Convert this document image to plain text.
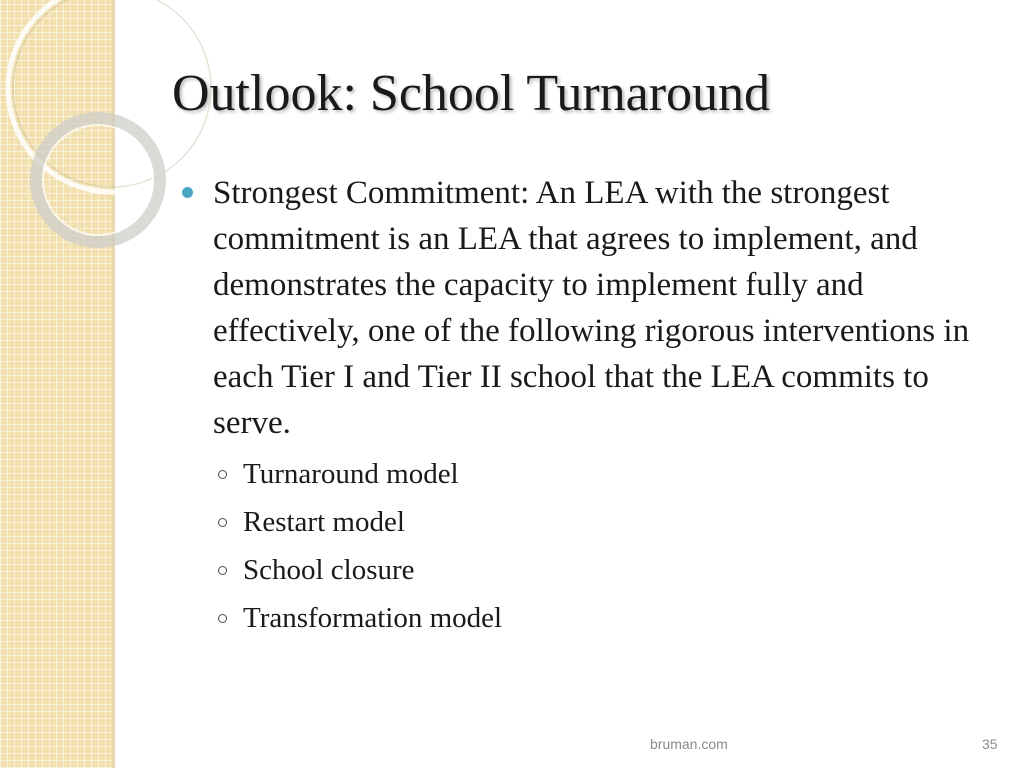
Outlook: School Turnaround
Strongest Commitment: An LEA with the strongest commitment is an LEA that agrees to implement, and demonstrates the capacity to implement fully and effectively, one of the following rigorous interventions in each Tier I and Tier II school that the LEA commits to serve.
Turnaround model
Restart model
School closure
Transformation model
bruman.com	35
